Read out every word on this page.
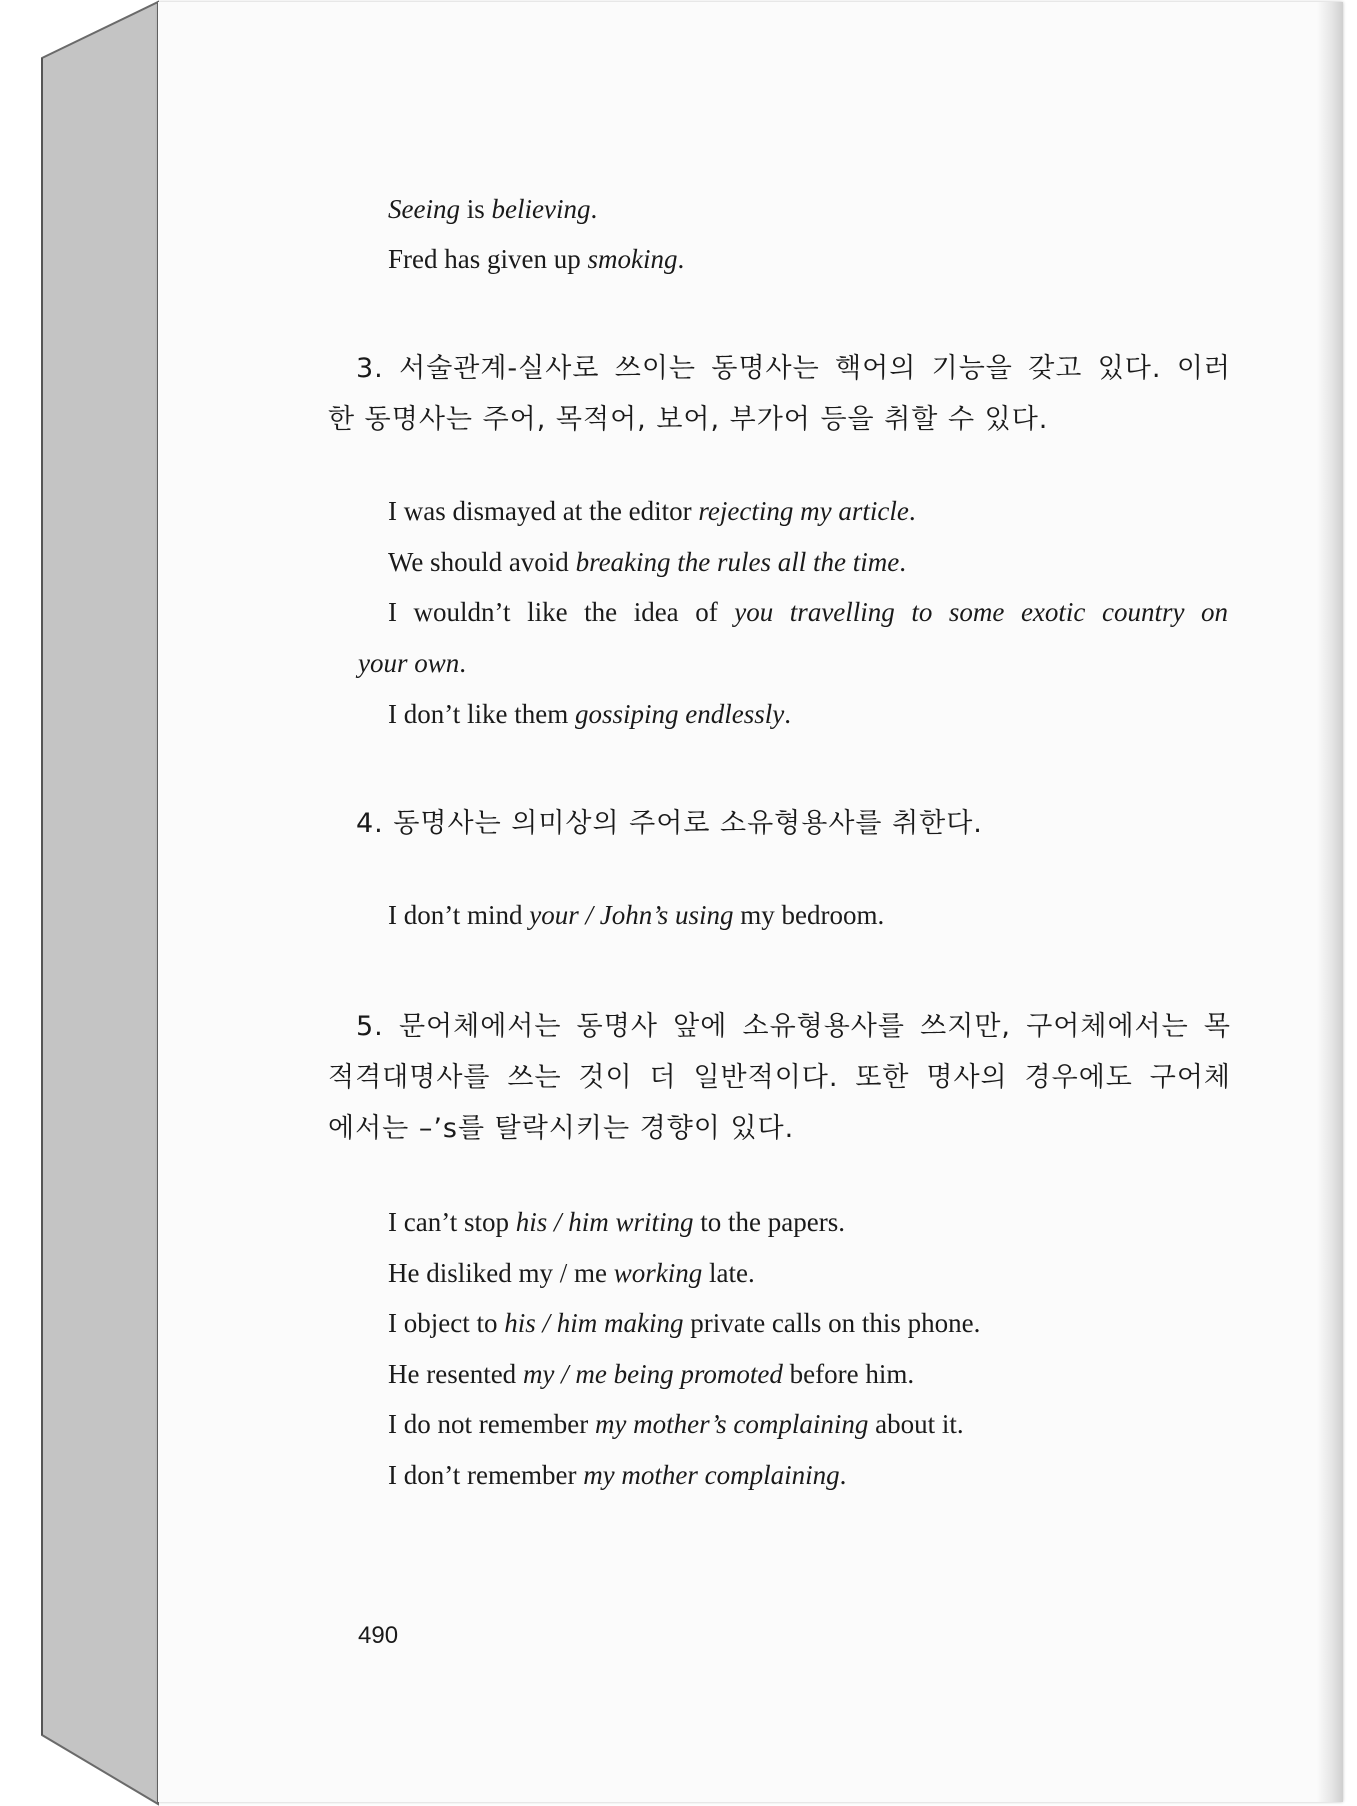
Seeing is believing.
Fred has given up smoking.
3. 서술관계-실사로 쓰이는 동명사는 핵어의 기능을 갖고 있다. 이러
한 동명사는 주어, 목적어, 보어, 부가어 등을 취할 수 있다.
I was dismayed at the editor rejecting my article.
We should avoid breaking the rules all the time.
I wouldn’t like the idea of you travelling to some exotic country on
your own.
I don’t like them gossiping endlessly.
4. 동명사는 의미상의 주어로 소유형용사를 취한다.
I don’t mind your / John’s using my bedroom.
5. 문어체에서는 동명사 앞에 소유형용사를 쓰지만, 구어체에서는 목
적격대명사를 쓰는 것이 더 일반적이다. 또한 명사의 경우에도 구어체
에서는 –’s를 탈락시키는 경향이 있다.
I can’t stop his / him writing to the papers.
He disliked my / me working late.
I object to his / him making private calls on this phone.
He resented my / me being promoted before him.
I do not remember my mother’s complaining about it.
I don’t remember my mother complaining.
490
